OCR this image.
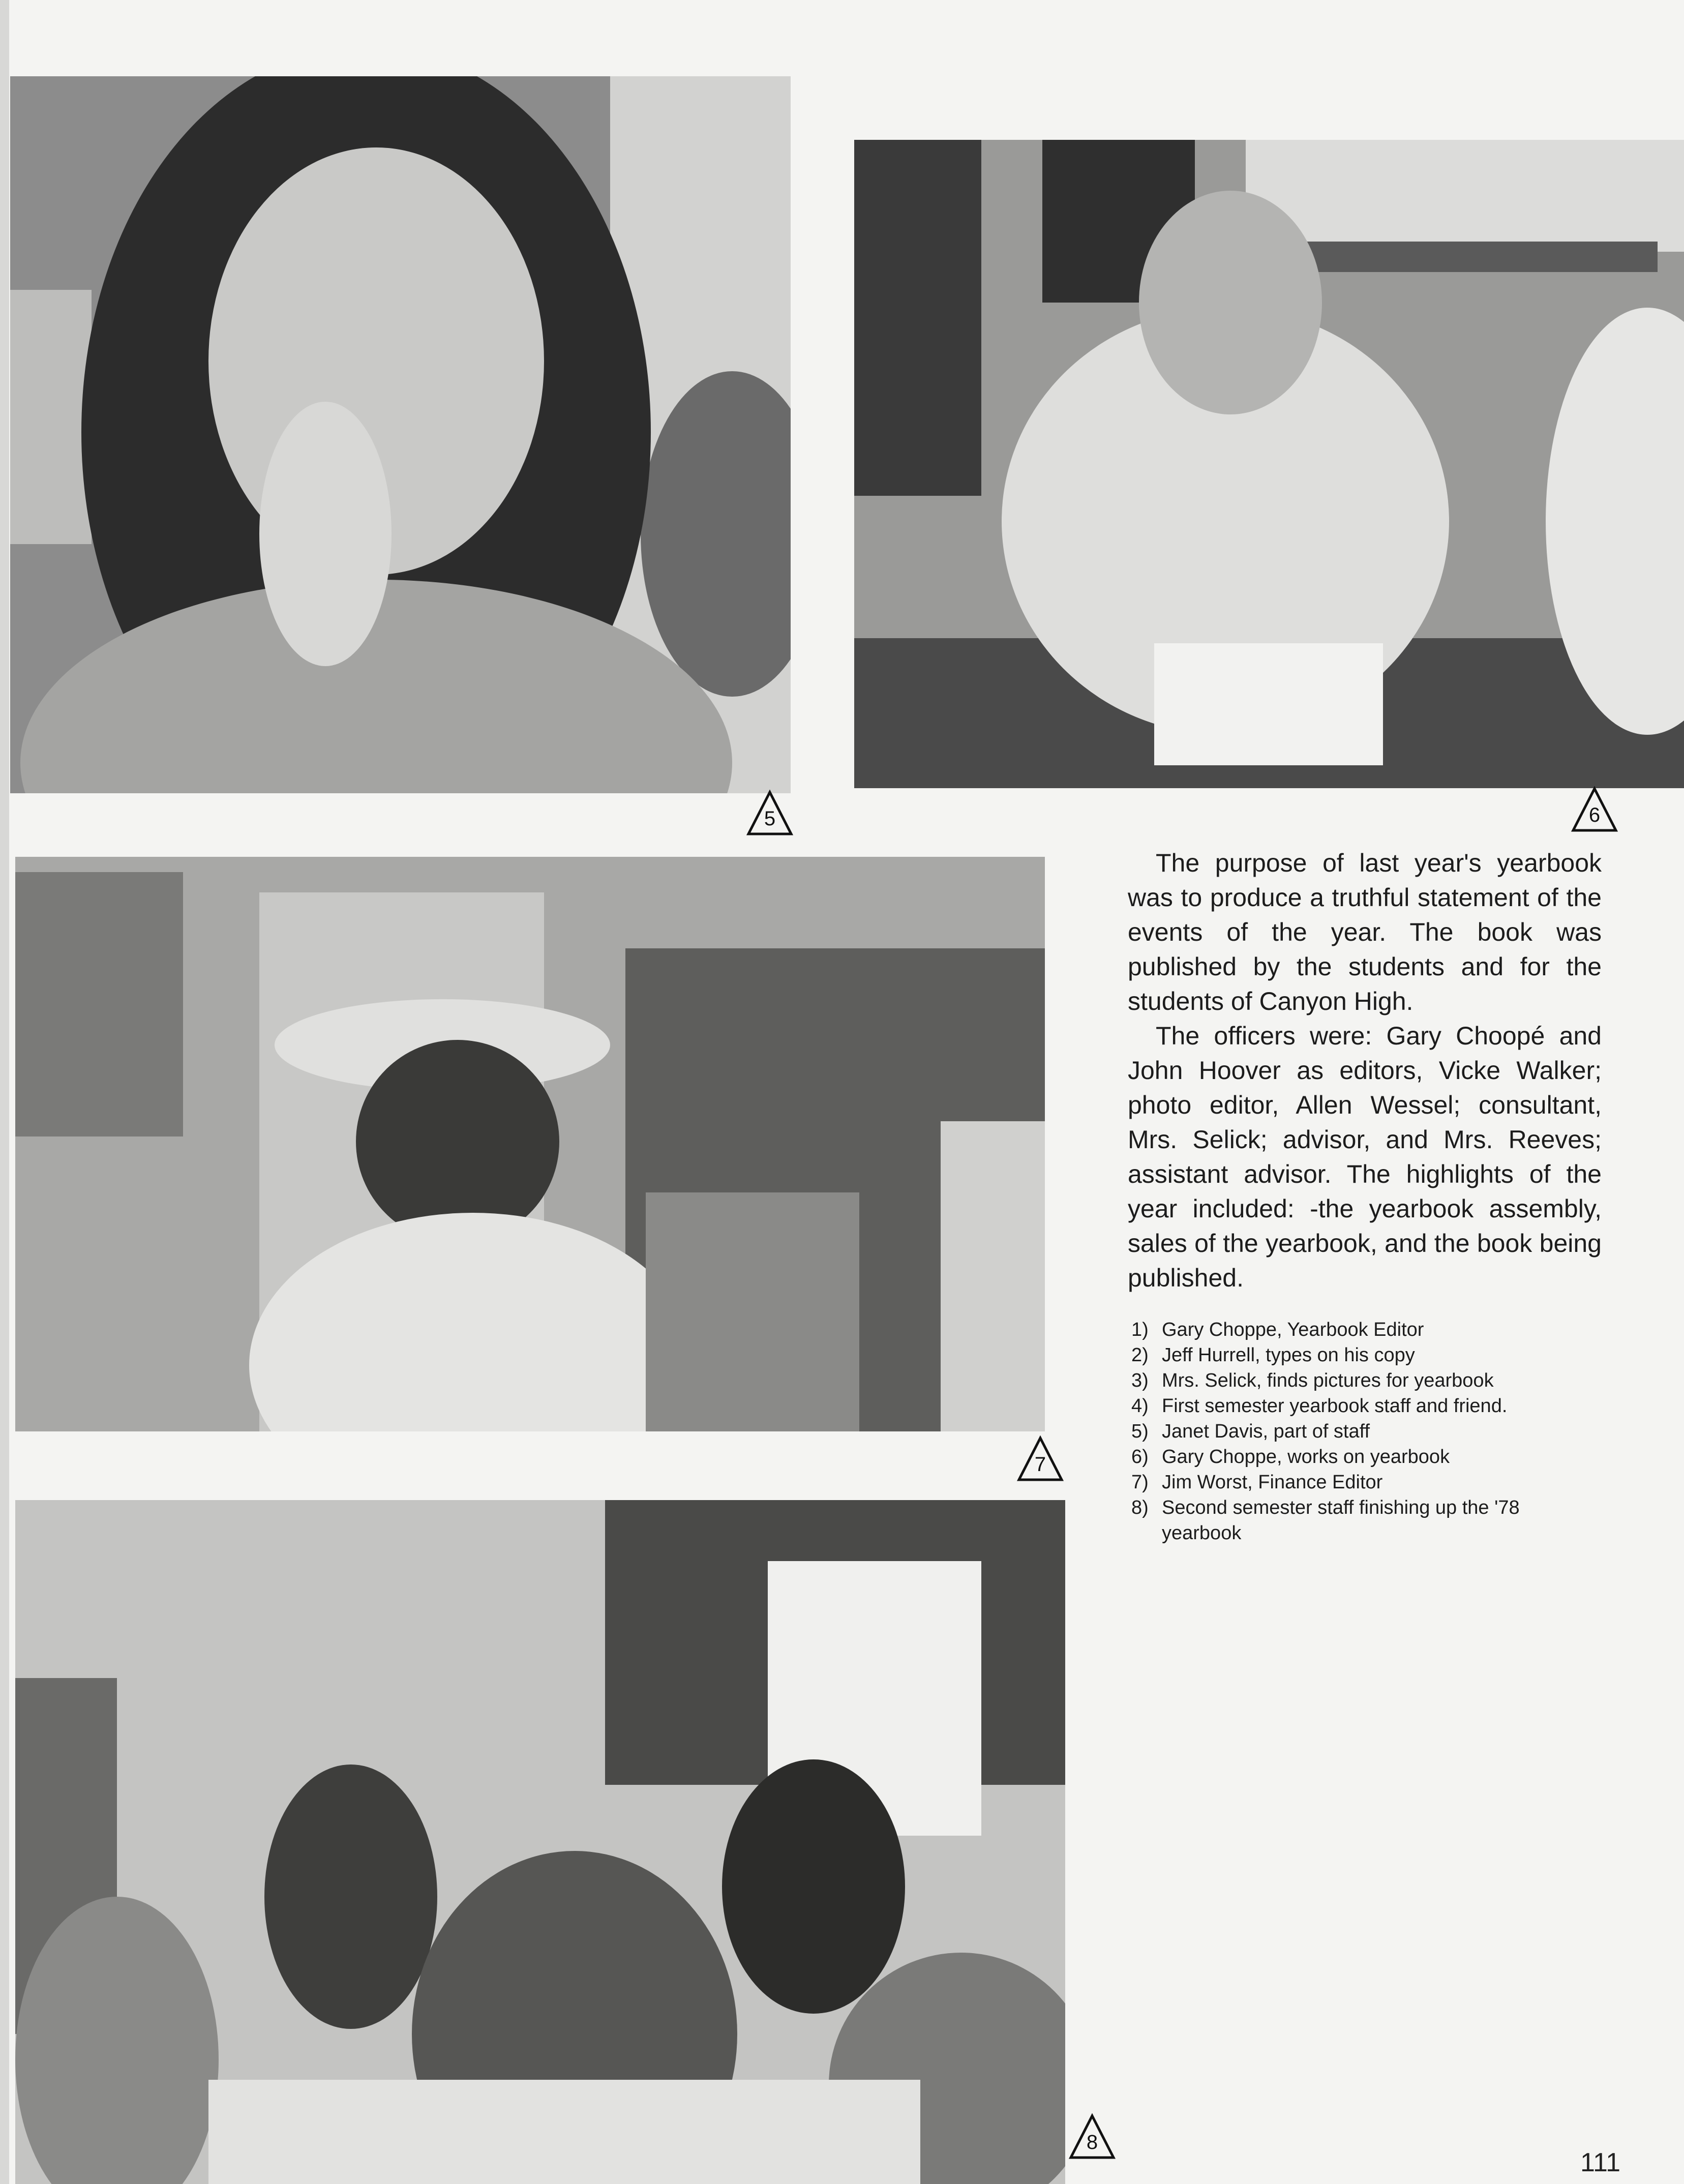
5	6
7
8

The purpose of last year's yearbook was to produce a truthful statement of the events of the year. The book was published by the students and for the students of Canyon High.

The officers were: Gary Choopé and John Hoover as editors, Vicke Walker; photo editor, Allen Wessel; consultant, Mrs. Selick; advisor, and Mrs. Reeves; assistant advisor. The highlights of the year included: -the yearbook assembly, sales of the yearbook, and the book being published.

1) Gary Choppe, Yearbook Editor
2) Jeff Hurrell, types on his copy
3) Mrs. Selick, finds pictures for yearbook
4) First semester yearbook staff and friend.
5) Janet Davis, part of staff
6) Gary Choppe, works on yearbook
7) Jim Worst, Finance Editor
8) Second semester staff finishing up the '78 yearbook
111
